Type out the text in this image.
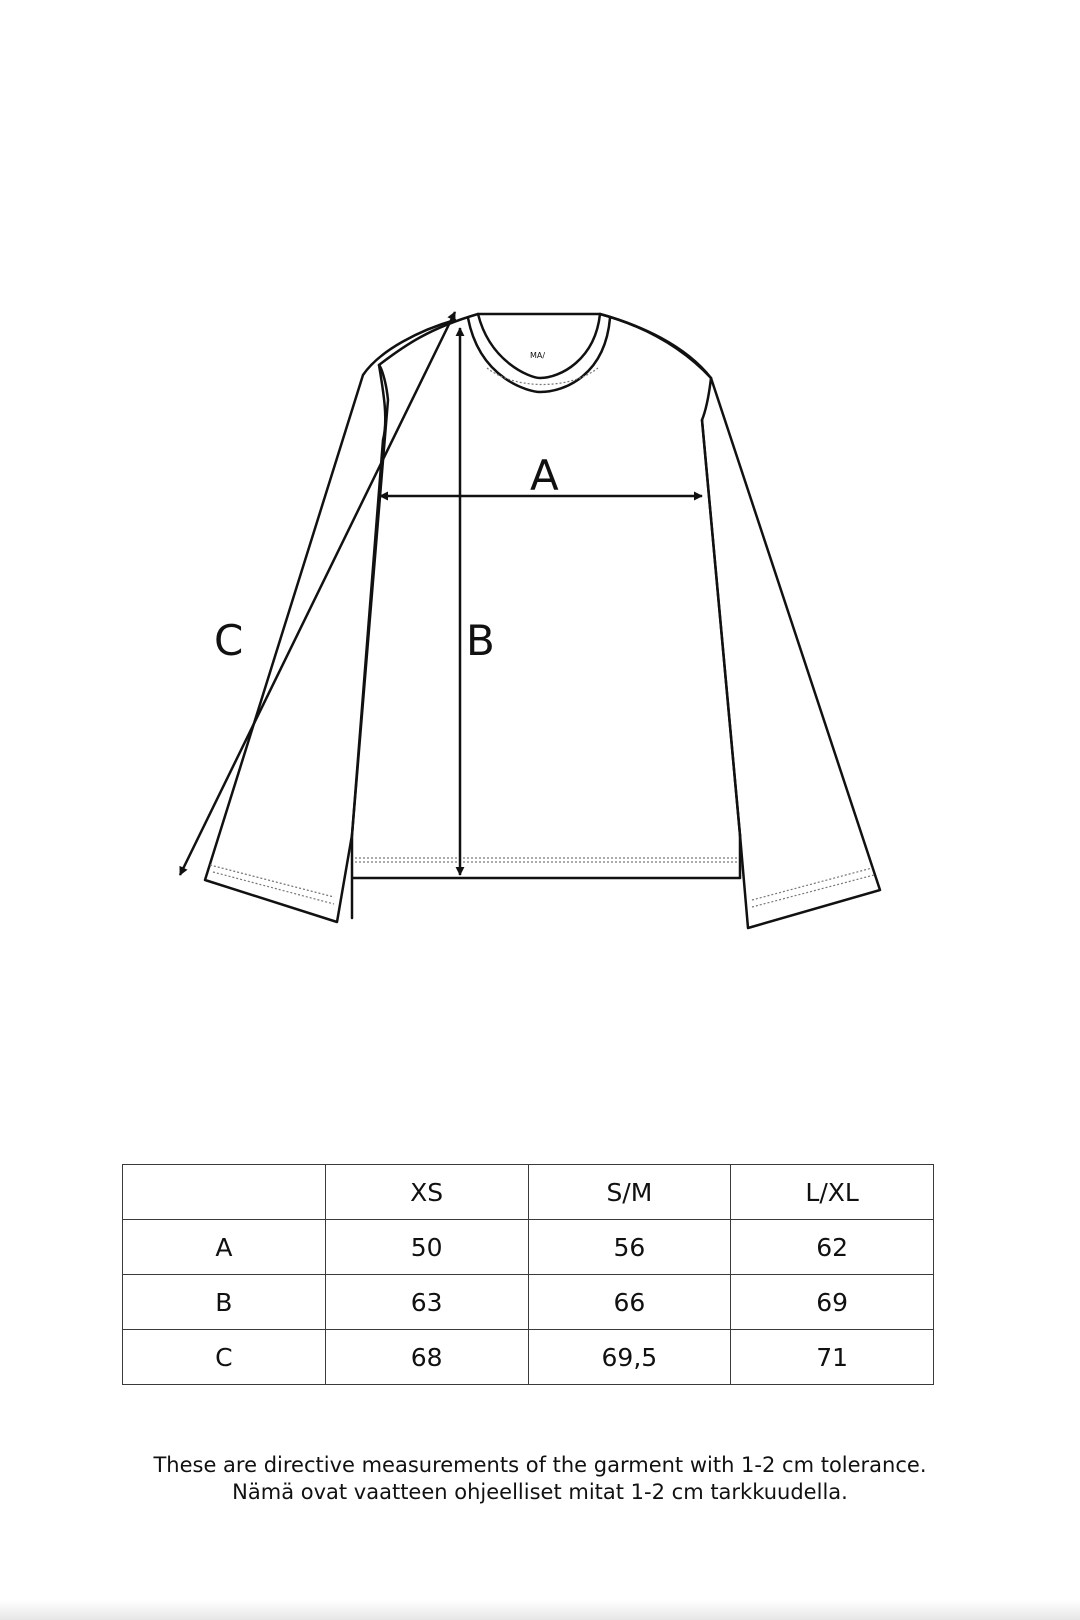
MA/
A
B
C
	XS	S/M	L/XL
A	50	56	62
B	63	66	69
C	68	69,5	71
These are directive measurements of the garment with 1-2 cm tolerance.
Nämä ovat vaatteen ohjeelliset mitat 1-2 cm tarkkuudella.
